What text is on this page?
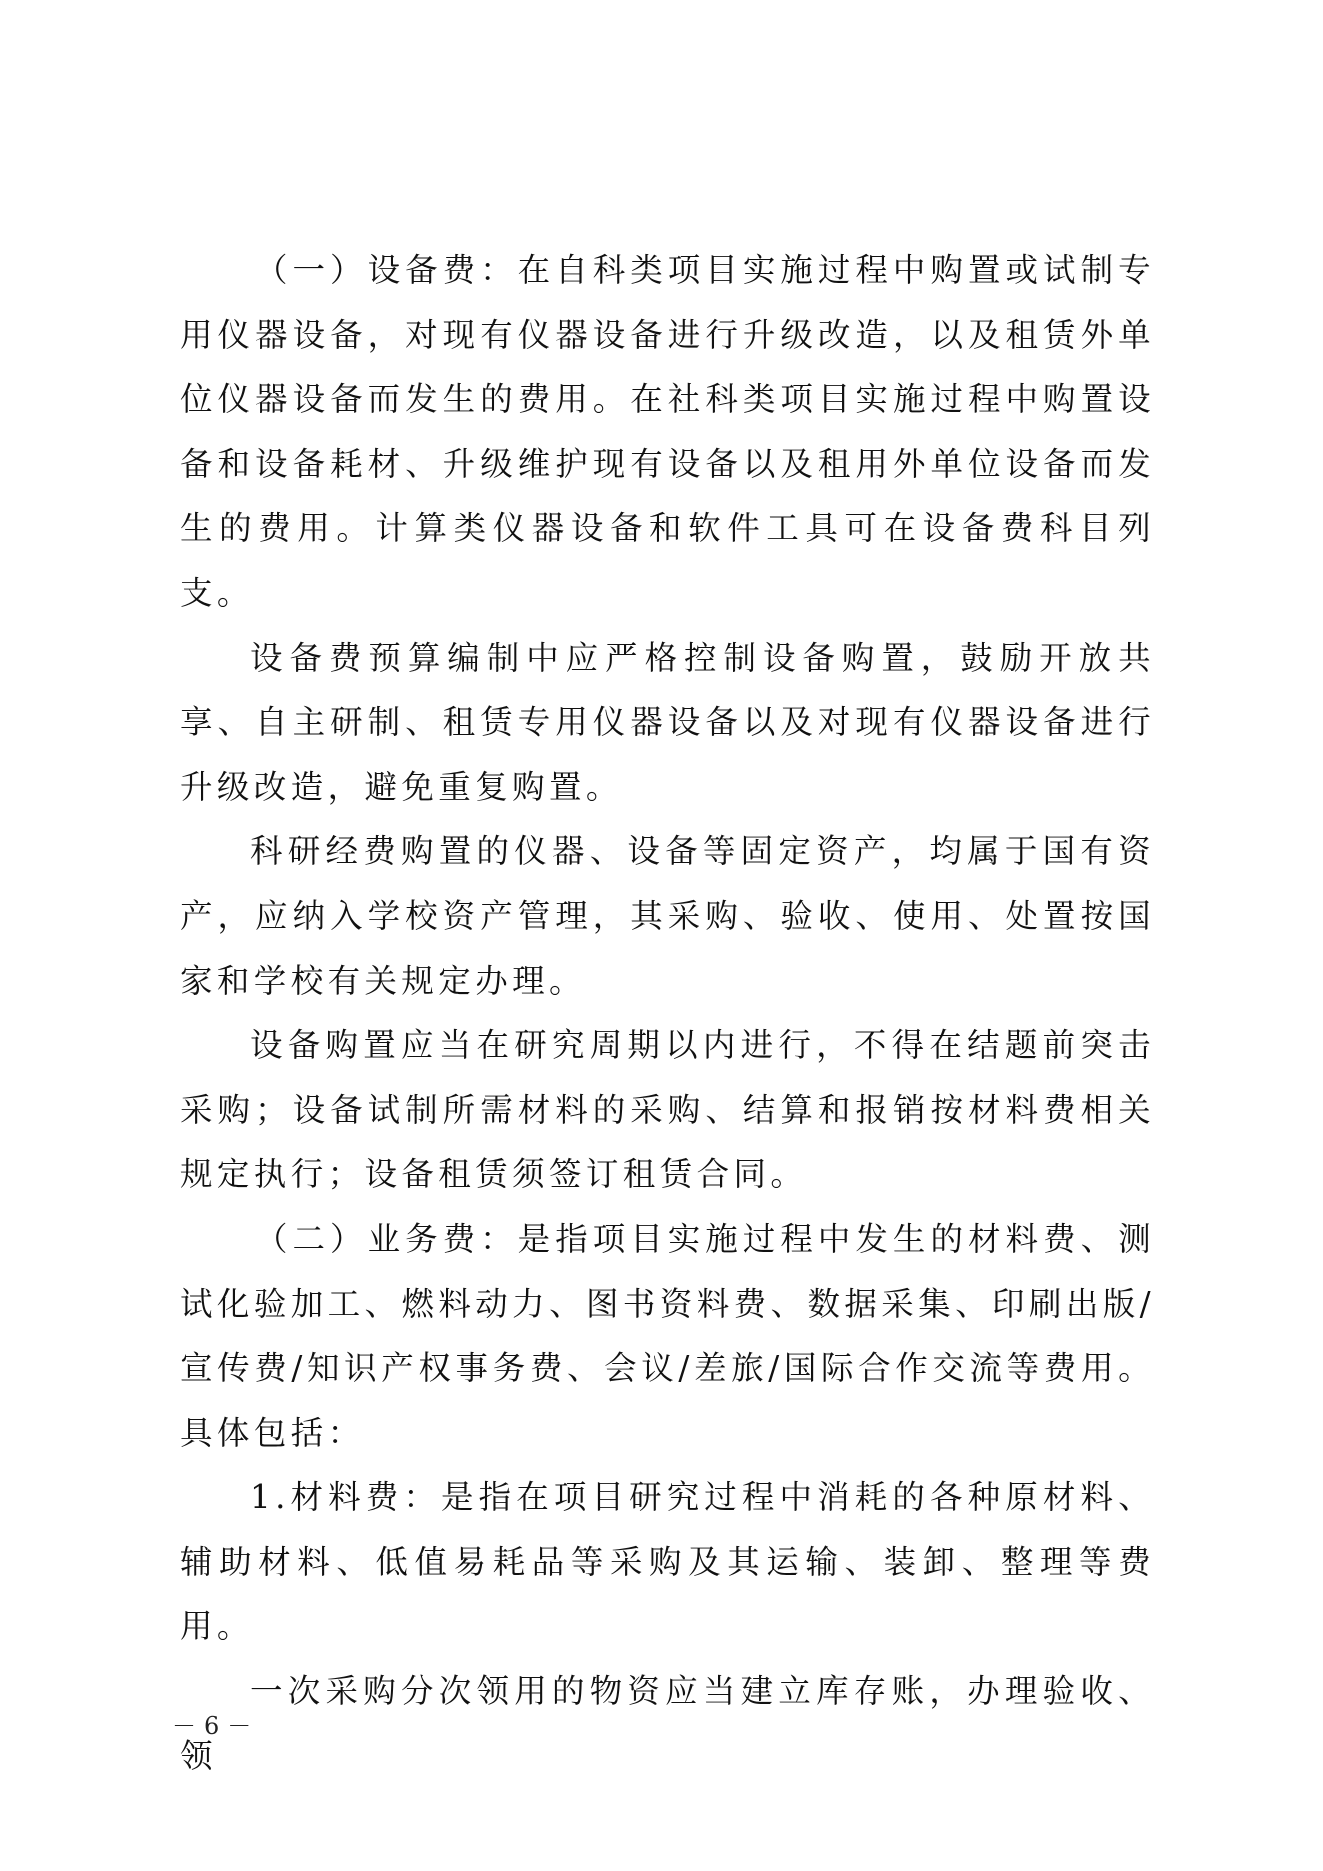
（一）设备费：在自科类项目实施过程中购置或试制专用仪器设备，对现有仪器设备进行升级改造，以及租赁外单位仪器设备而发生的费用。在社科类项目实施过程中购置设备和设备耗材、升级维护现有设备以及租用外单位设备而发生的费用。计算类仪器设备和软件工具可在设备费科目列支。

设备费预算编制中应严格控制设备购置，鼓励开放共享、自主研制、租赁专用仪器设备以及对现有仪器设备进行升级改造，避免重复购置。

科研经费购置的仪器、设备等固定资产，均属于国有资产，应纳入学校资产管理，其采购、验收、使用、处置按国家和学校有关规定办理。

设备购置应当在研究周期以内进行，不得在结题前突击采购；设备试制所需材料的采购、结算和报销按材料费相关规定执行；设备租赁须签订租赁合同。

（二）业务费：是指项目实施过程中发生的材料费、测试化验加工、燃料动力、图书资料费、数据采集、印刷出版/宣传费/知识产权事务费、会议/差旅/国际合作交流等费用。具体包括：

1.材料费：是指在项目研究过程中消耗的各种原材料、辅助材料、低值易耗品等采购及其运输、装卸、整理等费用。

一次采购分次领用的物资应当建立库存账，办理验收、领

－6－
